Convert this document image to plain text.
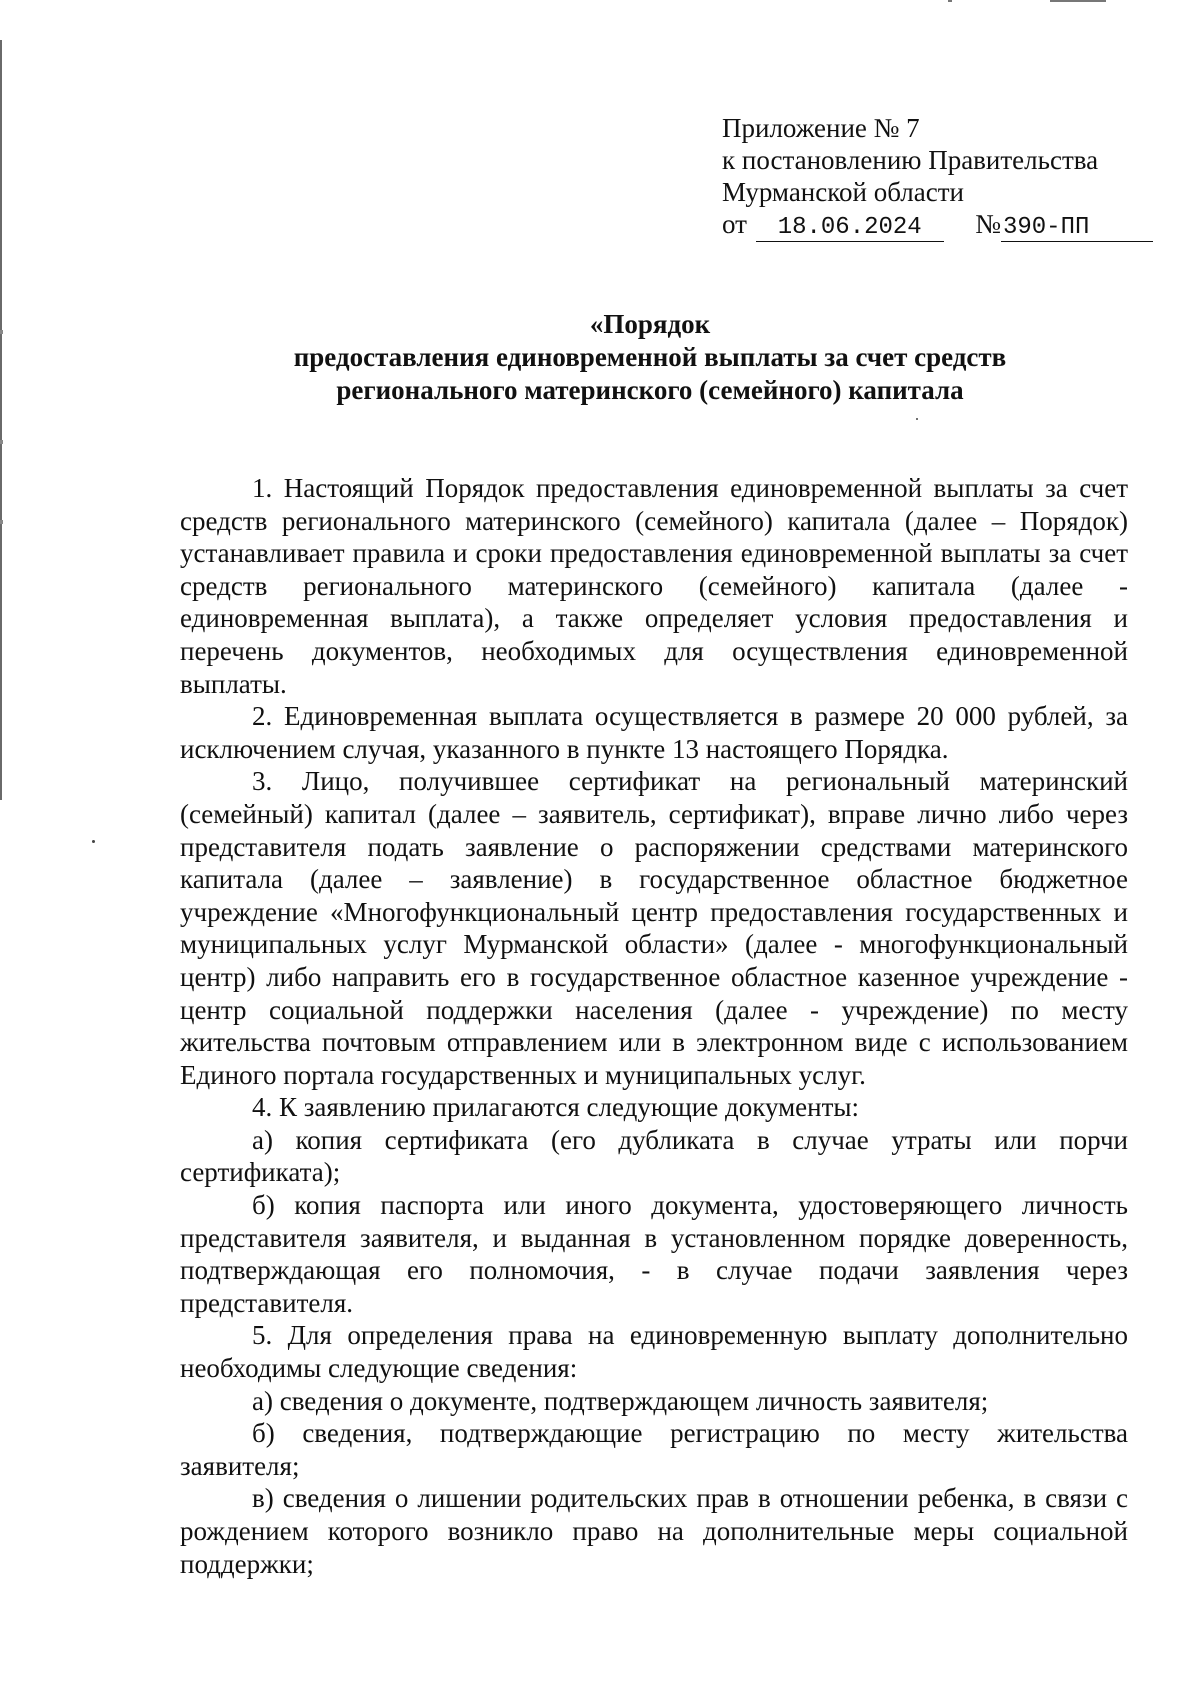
Приложение № 7
к постановлению Правительства
Мурманской области
от 18.06.2024 №390-ПП
«Порядок
предоставления единовременной выплаты за счет средств
регионального материнского (семейного) капитала

1. Настоящий Порядок предоставления единовременной выплаты за счет средств регионального материнского (семейного) капитала (далее – Порядок) устанавливает правила и сроки предоставления единовременной выплаты за счет средств регионального материнского (семейного) капитала (далее - единовременная выплата), а также определяет условия предоставления и перечень документов, необходимых для осуществления единовременной выплаты.

2. Единовременная выплата осуществляется в размере 20 000 рублей, за исключением случая, указанного в пункте 13 настоящего Порядка.

3. Лицо, получившее сертификат на региональный материнский (семейный) капитал (далее – заявитель, сертификат), вправе лично либо через представителя подать заявление о распоряжении средствами материнского капитала (далее – заявление) в государственное областное бюджетное учреждение «Многофункциональный центр предоставления государственных и муниципальных услуг Мурманской области» (далее - многофункциональный центр) либо направить его в государственное областное казенное учреждение - центр социальной поддержки населения (далее - учреждение) по месту жительства почтовым отправлением или в электронном виде с использованием Единого портала государственных и муниципальных услуг.

4. К заявлению прилагаются следующие документы:

а) копия сертификата (его дубликата в случае утраты или порчи сертификата);

б) копия паспорта или иного документа, удостоверяющего личность представителя заявителя, и выданная в установленном порядке доверенность, подтверждающая его полномочия, - в случае подачи заявления через представителя.

5. Для определения права на единовременную выплату дополнительно необходимы следующие сведения:

а) сведения о документе, подтверждающем личность заявителя;

б) сведения, подтверждающие регистрацию по месту жительства заявителя;

в) сведения о лишении родительских прав в отношении ребенка, в связи с рождением которого возникло право на дополнительные меры социальной поддержки;
